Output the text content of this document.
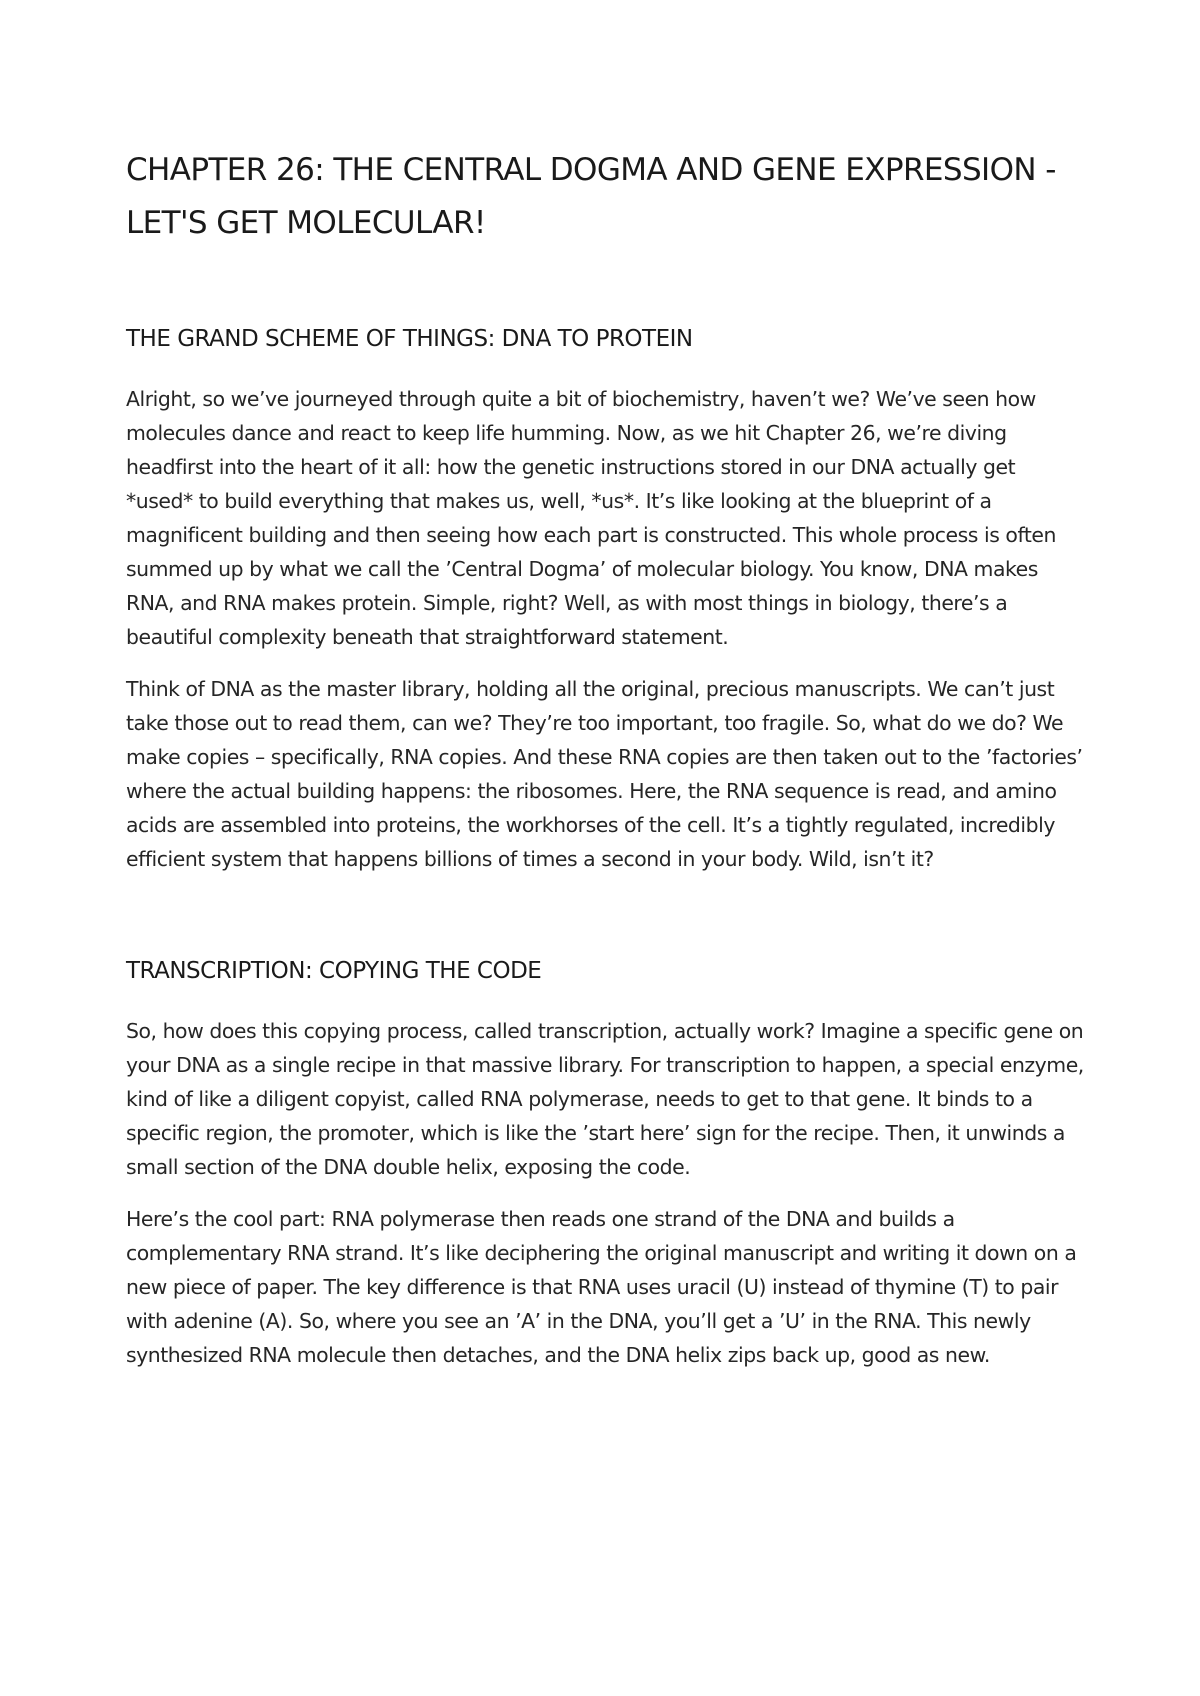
CHAPTER 26: THE CENTRAL DOGMA AND GENE EXPRESSION - LET'S GET MOLECULAR!
THE GRAND SCHEME OF THINGS: DNA TO PROTEIN

Alright, so we’ve journeyed through quite a bit of biochemistry, haven’t we? We’ve seen how molecules dance and react to keep life humming. Now, as we hit Chapter 26, we’re diving headfirst into the heart of it all: how the genetic instructions stored in our DNA actually get *used* to build everything that makes us, well, *us*. It’s like looking at the blueprint of a magnificent building and then seeing how each part is constructed. This whole process is often summed up by what we call the ’Central Dogma’ of molecular biology. You know, DNA makes RNA, and RNA makes protein. Simple, right? Well, as with most things in biology, there’s a beautiful complexity beneath that straightforward statement.

Think of DNA as the master library, holding all the original, precious manuscripts. We can’t just take those out to read them, can we? They’re too important, too fragile. So, what do we do? We make copies – specifically, RNA copies. And these RNA copies are then taken out to the ’factories’ where the actual building happens: the ribosomes. Here, the RNA sequence is read, and amino acids are assembled into proteins, the workhorses of the cell. It’s a tightly regulated, incredibly efficient system that happens billions of times a second in your body. Wild, isn’t it?

TRANSCRIPTION: COPYING THE CODE

So, how does this copying process, called transcription, actually work? Imagine a specific gene on your DNA as a single recipe in that massive library. For transcription to happen, a special enzyme, kind of like a diligent copyist, called RNA polymerase, needs to get to that gene. It binds to a specific region, the promoter, which is like the ’start here’ sign for the recipe. Then, it unwinds a small section of the DNA double helix, exposing the code.

Here’s the cool part: RNA polymerase then reads one strand of the DNA and builds a complementary RNA strand. It’s like deciphering the original manuscript and writing it down on a new piece of paper. The key difference is that RNA uses uracil (U) instead of thymine (T) to pair with adenine (A). So, where you see an ’A’ in the DNA, you’ll get a ’U’ in the RNA. This newly synthesized RNA molecule then detaches, and the DNA helix zips back up, good as new.
